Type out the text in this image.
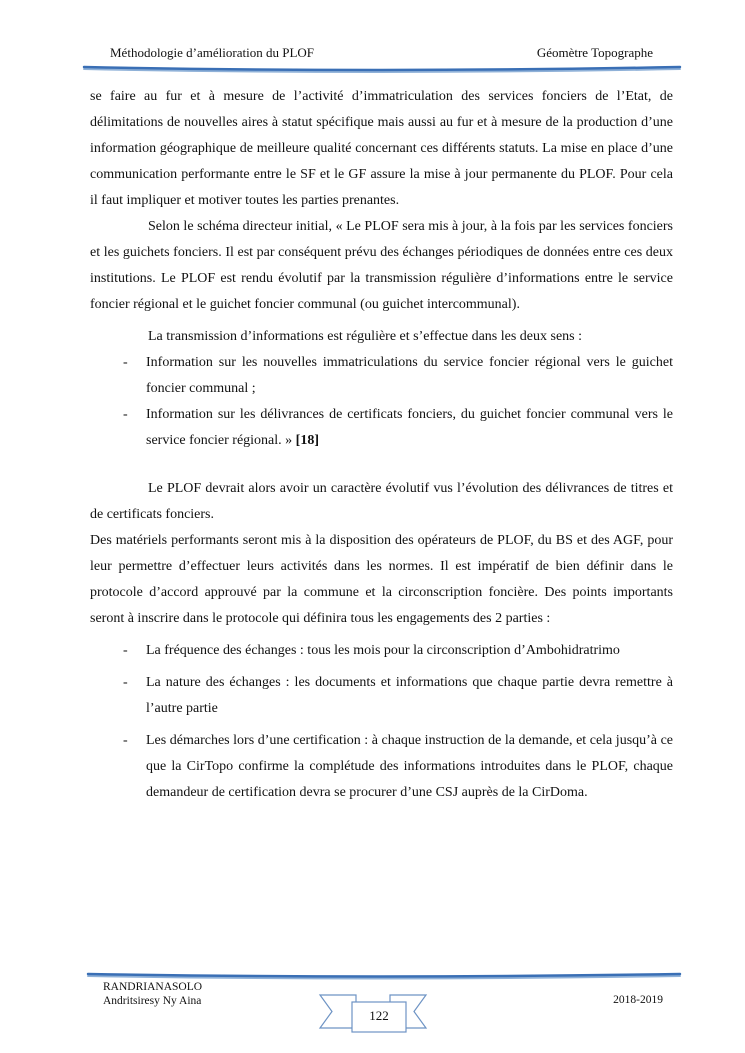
Méthodologie d’amélioration du PLOF	Géomètre Topographe

se faire au fur et à mesure de l’activité d’immatriculation des services fonciers de l’Etat, de délimitations de nouvelles aires à statut spécifique mais aussi au fur et à mesure de la production d’une information géographique de meilleure qualité concernant ces différents statuts. La mise en place d’une communication performante entre le SF et le GF assure la mise à jour permanente du PLOF. Pour cela il faut impliquer et motiver toutes les parties prenantes.

Selon le schéma directeur initial, « Le PLOF sera mis à jour, à la fois par les services fonciers et les guichets fonciers. Il est par conséquent prévu des échanges périodiques de données entre ces deux institutions. Le PLOF est rendu évolutif par la transmission régulière d’informations entre le service foncier régional et le guichet foncier communal (ou guichet intercommunal).

La transmission d’informations est régulière et s’effectue dans les deux sens :

- Information sur les nouvelles immatriculations du service foncier régional vers le guichet foncier communal ;
- Information sur les délivrances de certificats fonciers, du guichet foncier communal vers le service foncier régional. » [18]

Le PLOF devrait alors avoir un caractère évolutif vus l’évolution des délivrances de titres et de certificats fonciers.

Des matériels performants seront mis à la disposition des opérateurs de PLOF, du BS et des AGF, pour leur permettre d’effectuer leurs activités dans les normes. Il est impératif de bien définir dans le protocole d’accord approuvé par la commune et la circonscription foncière. Des points importants seront à inscrire dans le protocole qui définira tous les engagements des 2 parties :

- La fréquence des échanges : tous les mois pour la circonscription d’Ambohidratrimo
- La nature des échanges : les documents et informations que chaque partie devra remettre à l’autre partie
- Les démarches lors d’une certification : à chaque instruction de la demande, et cela jusqu’à ce que la CirTopo confirme la complétude des informations introduites dans le PLOF, chaque demandeur de certification devra se procurer d’une CSJ auprès de la CirDoma.
RANDRIANASOLO
Andritsiresy Ny Aina
122
2018-2019
